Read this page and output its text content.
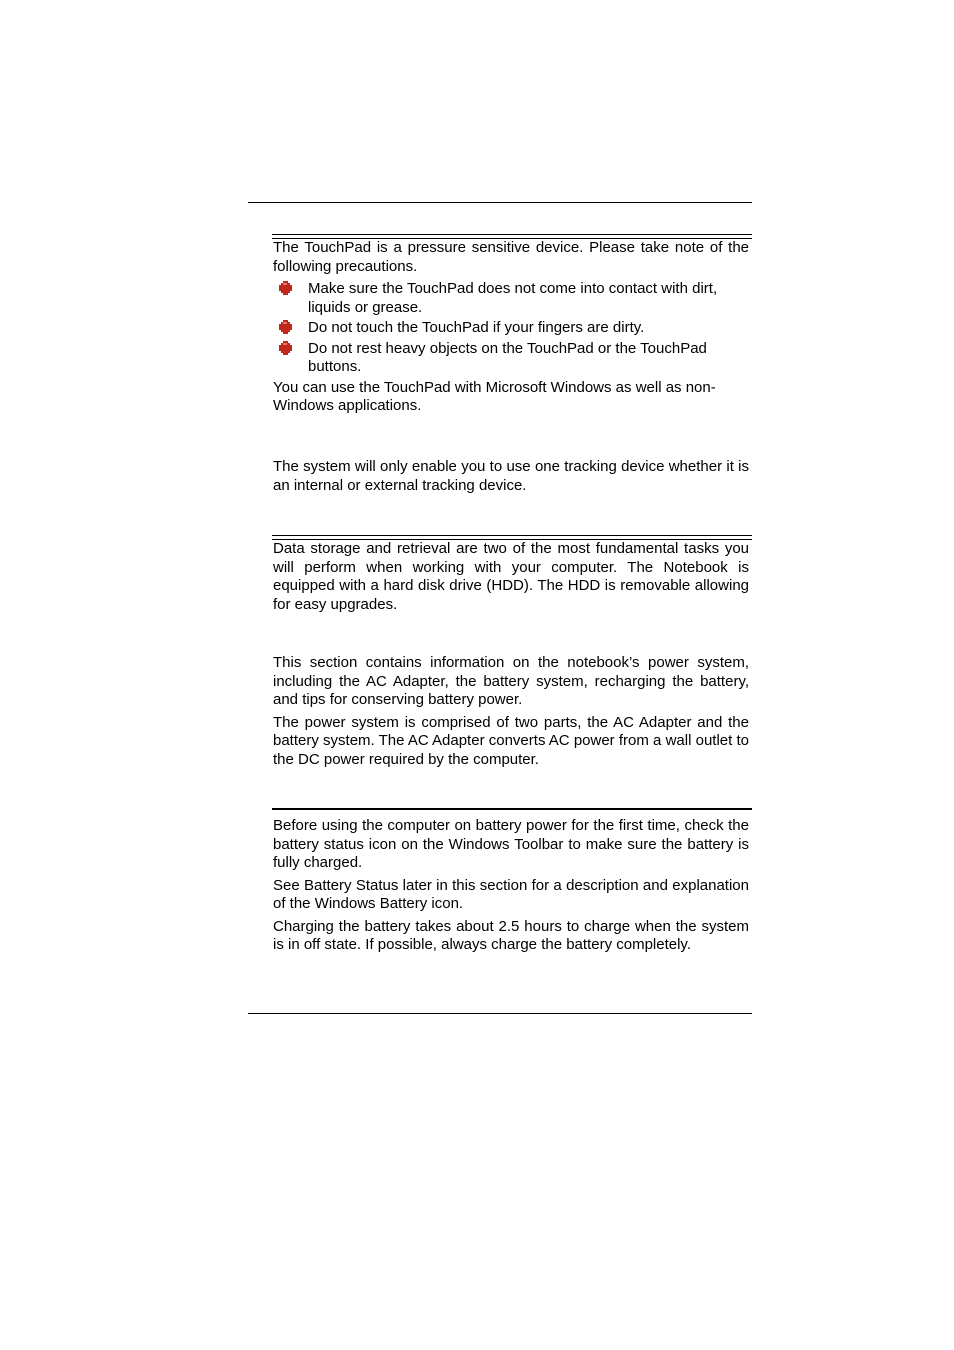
The TouchPad is a pressure sensitive device. Please take note of the following precautions.

Make sure the TouchPad does not come into contact with dirt, liquids or grease.
Do not touch the TouchPad if your fingers are dirty.
Do not rest heavy objects on the TouchPad or the TouchPad buttons.

You can use the TouchPad with Microsoft Windows as well as non-Windows applications.

The system will only enable you to use one tracking device whether it is an internal or external tracking device.

Data storage and retrieval are two of the most fundamental tasks you will perform when working with your computer. The Notebook is equipped with a hard disk drive (HDD). The HDD is removable allowing for easy upgrades.

This section contains information on the notebook’s power system, including the AC Adapter, the battery system, recharging the battery, and tips for conserving battery power.

The power system is comprised of two parts, the AC Adapter and the battery system. The AC Adapter converts AC power from a wall outlet to the DC power required by the computer.

Before using the computer on battery power for the first time, check the battery status icon on the Windows Toolbar to make sure the battery is fully charged.

See Battery Status later in this section for a description and explanation of the Windows Battery icon.

Charging the battery takes about 2.5 hours to charge when the system is in off state. If possible, always charge the battery completely.
